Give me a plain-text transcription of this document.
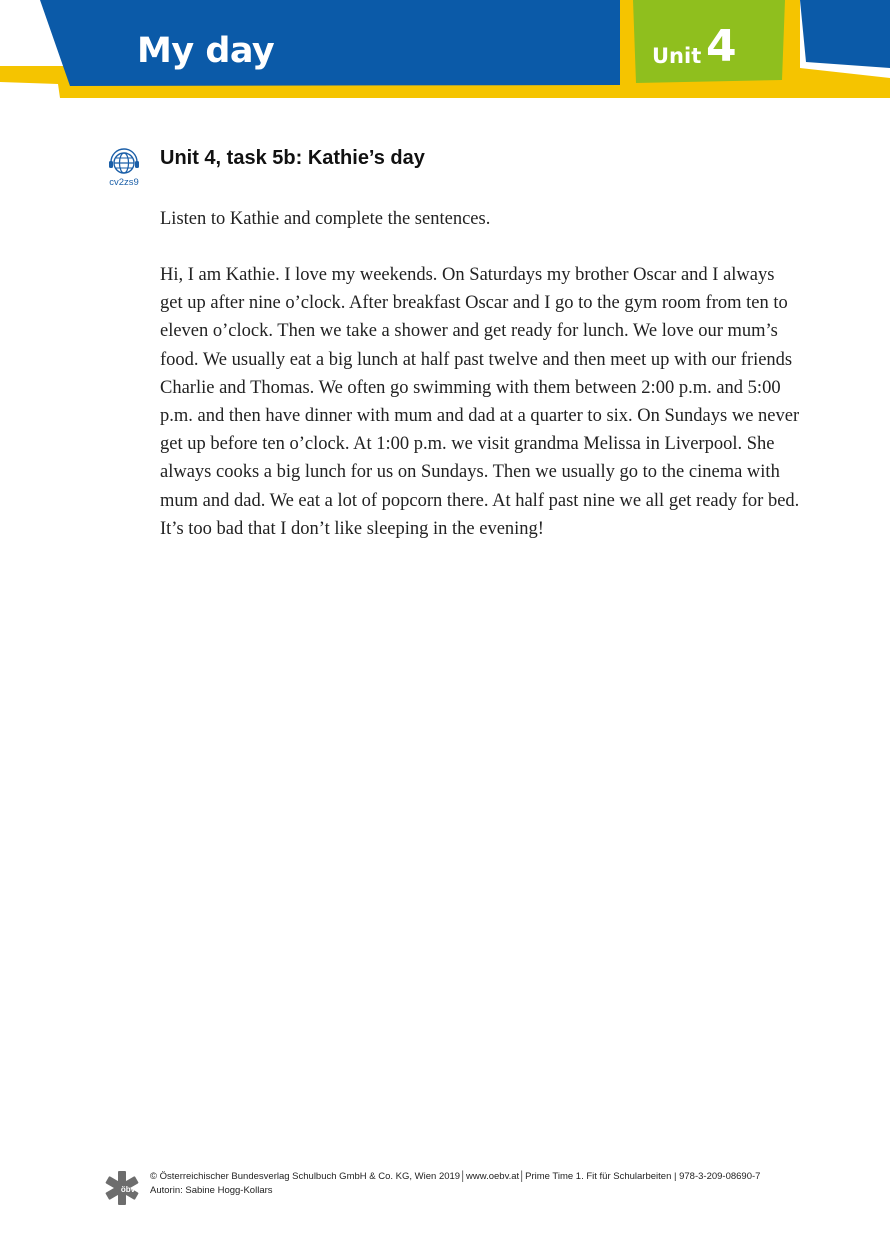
My day	Unit 4
cv2zs9
Unit 4, task 5b: Kathie’s day
Listen to Kathie and complete the sentences.
Hi, I am Kathie. I love my weekends. On Saturdays my brother Oscar and I always get up after nine o’clock. After breakfast Oscar and I go to the gym room from ten to eleven o’clock. Then we take a shower and get ready for lunch. We love our mum’s food. We usually eat a big lunch at half past twelve and then meet up with our friends Charlie and Thomas. We often go swimming with them between 2:00 p.m. and 5:00 p.m. and then have dinner with mum and dad at a quarter to six. On Sundays we never get up before ten o’clock. At 1:00 p.m. we visit grandma Melissa in Liverpool. She always cooks a big lunch for us on Sundays. Then we usually go to the cinema with mum and dad. We eat a lot of popcorn there. At half past nine we all get ready for bed. It’s too bad that I don’t like sleeping in the evening!
öbv
© Österreichischer Bundesverlag Schulbuch GmbH & Co. KG, Wien 2019│www.oebv.at│Prime Time 1. Fit für Schularbeiten | 978-3-209-08690-7
Autorin: Sabine Hogg-Kollars
